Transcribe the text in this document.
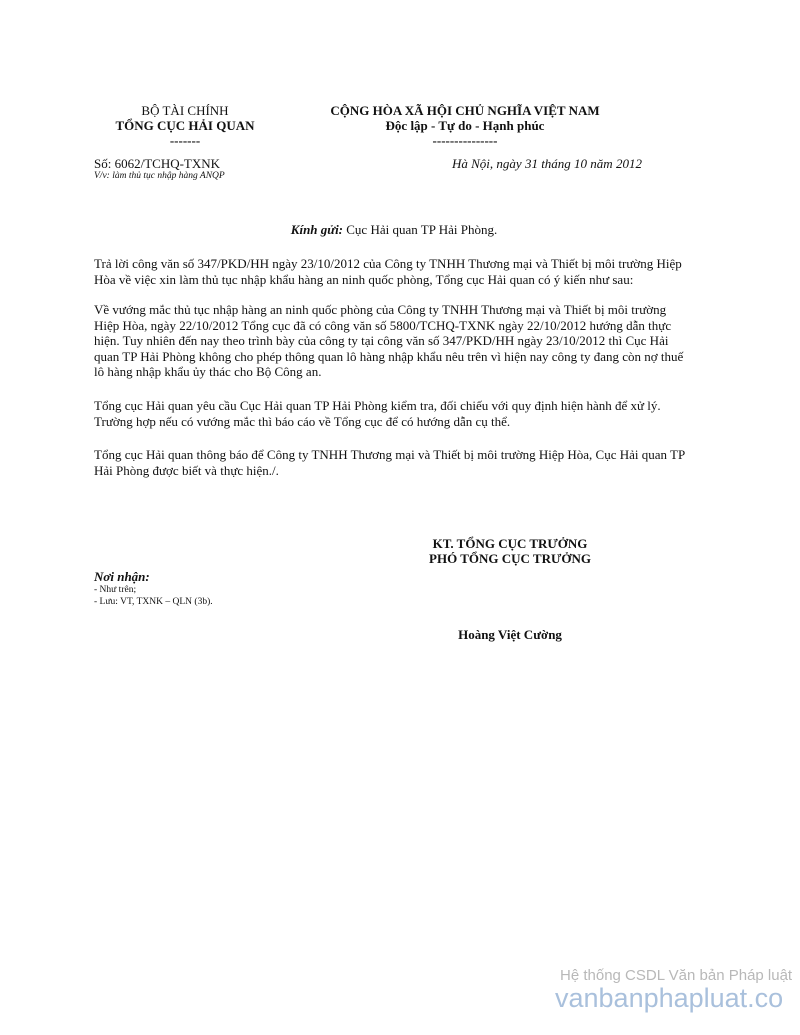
BỘ TÀI CHÍNH
TỔNG CỤC HẢI QUAN
-------
CỘNG HÒA XÃ HỘI CHỦ NGHĨA VIỆT NAM
Độc lập - Tự do - Hạnh phúc
---------------
Số: 6062/TCHQ-TXNK
V/v: làm thủ tục nhập hàng ANQP
Hà Nội, ngày 31 tháng 10 năm 2012
Kính gửi: Cục Hải quan TP Hải Phòng.
Trả lời công văn số 347/PKD/HH ngày 23/10/2012 của Công ty TNHH Thương mại và Thiết bị môi trường Hiệp Hòa về việc xin làm thủ tục nhập khẩu hàng an ninh quốc phòng, Tổng cục Hải quan có ý kiến như sau:
Về vướng mắc thủ tục nhập hàng an ninh quốc phòng của Công ty TNHH Thương mại và Thiết bị môi trường Hiệp Hòa, ngày 22/10/2012 Tổng cục đã có công văn số 5800/TCHQ-TXNK ngày 22/10/2012 hướng dẫn thực hiện. Tuy nhiên đến nay theo trình bày của công ty tại công văn số 347/PKD/HH ngày 23/10/2012 thì Cục Hải quan TP Hải Phòng không cho phép thông quan lô hàng nhập khẩu nêu trên vì hiện nay công ty đang còn nợ thuế lô hàng nhập khẩu ủy thác cho Bộ Công an.
Tổng cục Hải quan yêu cầu Cục Hải quan TP Hải Phòng kiểm tra, đối chiếu với quy định hiện hành để xử lý. Trường hợp nếu có vướng mắc thì báo cáo về Tổng cục để có hướng dẫn cụ thể.
Tổng cục Hải quan thông báo để Công ty TNHH Thương mại và Thiết bị môi trường Hiệp Hòa, Cục Hải quan TP Hải Phòng được biết và thực hiện./.
KT. TỔNG CỤC TRƯỞNG
PHÓ TỔNG CỤC TRƯỞNG
Hoàng Việt Cường
Nơi nhận:
- Như trên;
- Lưu: VT, TXNK – QLN (3b).
Hệ thống CSDL Văn bản Pháp luật
vanbanphapluat.co
